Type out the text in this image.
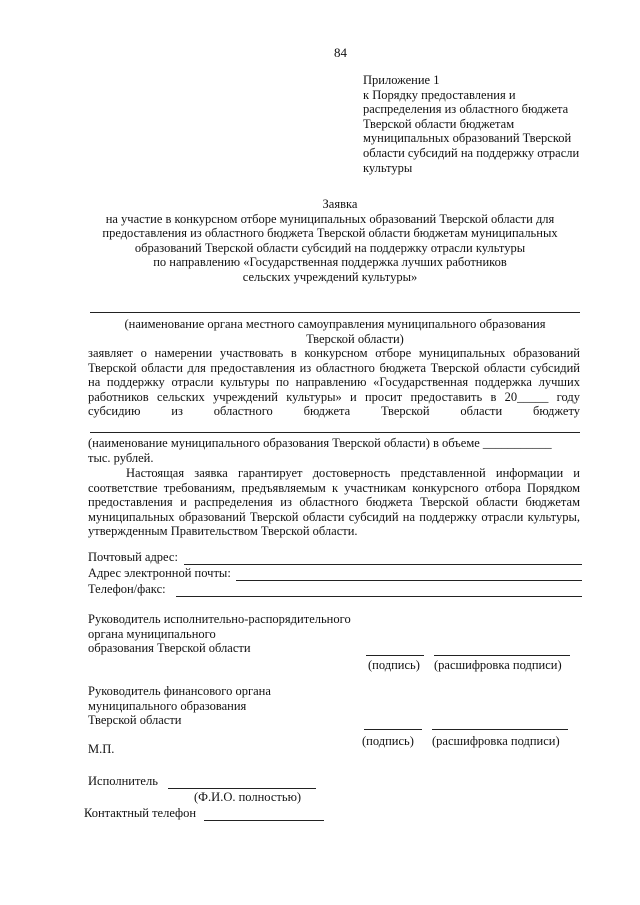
84
Приложение 1
к Порядку предоставления и
распределения из областного бюджета
Тверской области бюджетам
муниципальных образований Тверской
области субсидий на поддержку отрасли
культуры
Заявка
на участие в конкурсном отборе муниципальных образований Тверской области для
предоставления из областного бюджета Тверской области бюджетам муниципальных
образований Тверской области субсидий на поддержку отрасли культуры
по направлению «Государственная поддержка лучших работников
сельских учреждений культуры»
(наименование органа местного самоуправления муниципального образования
Тверской области)
заявляет о намерении участвовать в конкурсном отборе муниципальных образований
Тверской области для предоставления из областного бюджета Тверской области субсидий
на поддержку отрасли культуры по направлению «Государственная поддержка лучших
работников сельских учреждений культуры» и просит предоставить в 20_____ году
субсидию из областного бюджета Тверской области бюджету
(наименование муниципального образования Тверской области) в объеме ___________
тыс. рублей.
Настоящая заявка гарантирует достоверность представленной информации и
соответствие требованиям, предъявляемым к участникам конкурсного отбора Порядком
предоставления и распределения из областного бюджета Тверской области бюджетам
муниципальных образований Тверской области субсидий на поддержку отрасли культуры,
утвержденным Правительством Тверской области.
Почтовый адрес:
Адрес электронной почты:
Телефон/факс:
Руководитель исполнительно-распорядительного
органа муниципального
образования Тверской области
(подпись) (расшифровка подписи)
Руководитель финансового органа
муниципального образования
Тверской области
(подпись) (расшифровка подписи)
М.П.
Исполнитель
(Ф.И.О. полностью)
Контактный телефон
